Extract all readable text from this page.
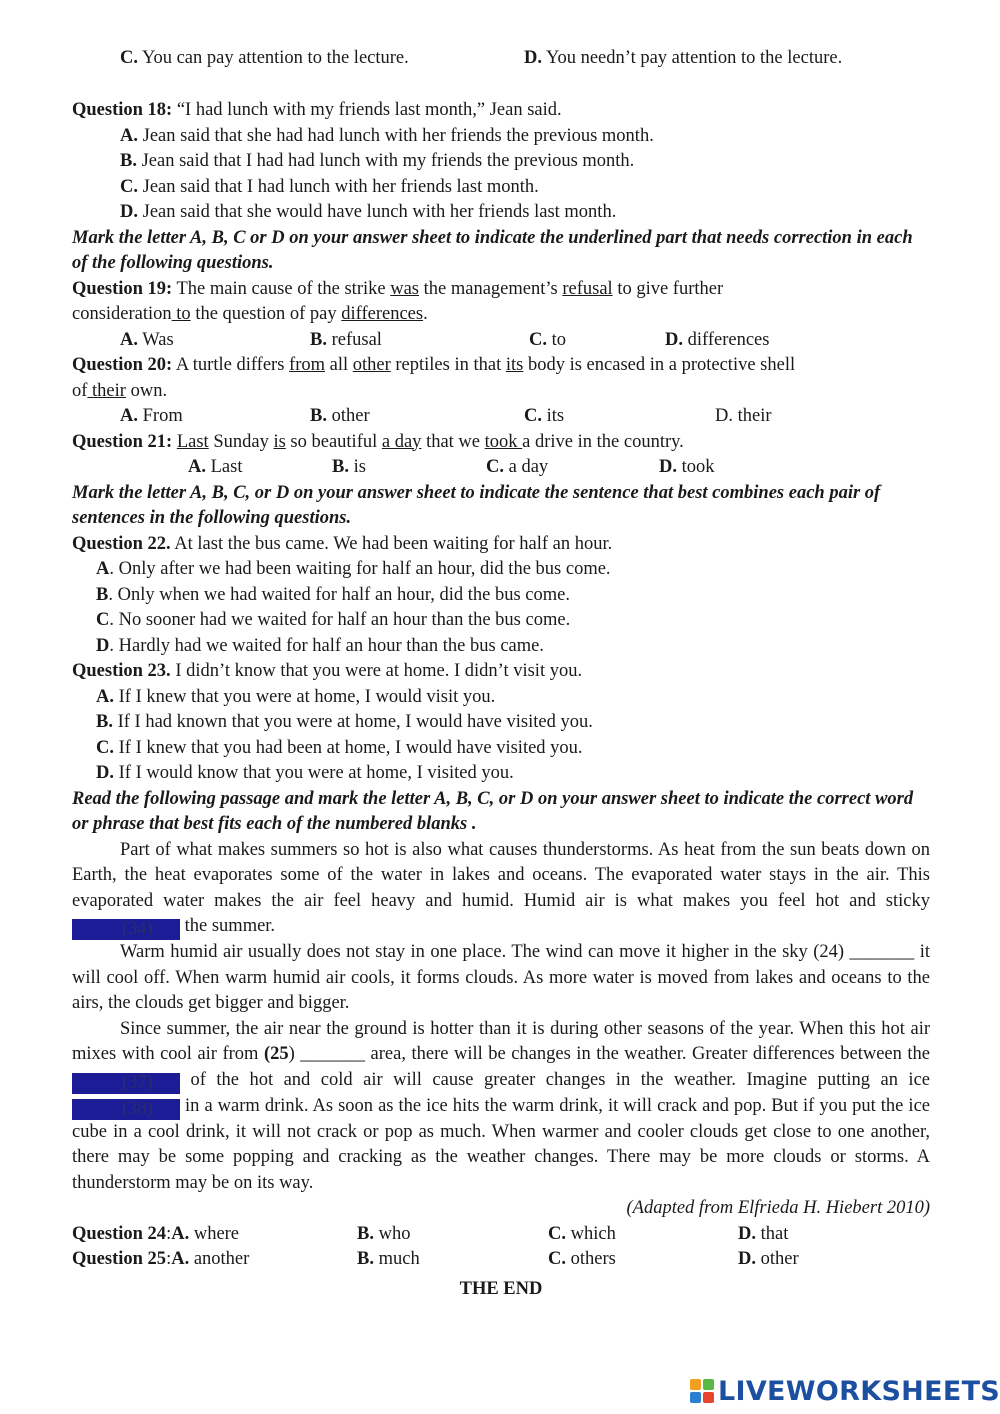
C. You can pay attention to the lecture.	D. You needn’t pay attention to the lecture.
Question 18: “I had lunch with my friends last month,” Jean said.
A. Jean said that she had had lunch with her friends the previous month.
B. Jean said that I had had lunch with my friends the previous month.
C. Jean said that I had lunch with her friends last month.
D. Jean said that she would have lunch with her friends last month.
Mark the letter A, B, C or D on your answer sheet to indicate the underlined part that needs correction in each of the following questions.
Question 19: The main cause of the strike was the management’s refusal to give further
consideration to the question of pay differences.
A. Was	B. refusal	C. to	D. differences
Question 20: A turtle differs from all other reptiles in that its body is encased in a protective shell
of their own.
A. From	B. other	C. its	D. their
Question 21: Last Sunday is so beautiful a day that we took a drive in the country.
A. Last	B. is	C. a day	D. took
Mark the letter A, B, C, or D on your answer sheet to indicate the sentence that best combines each pair of sentences in the following questions.
Question 22. At last the bus came. We had been waiting for half an hour.
A. Only after we had been waiting for half an hour, did the bus come.
B. Only when we had waited for half an hour, did the bus come.
C. No sooner had we waited for half an hour than the bus come.
D. Hardly had we waited for half an hour than the bus came.
Question 23. I didn’t know that you were at home. I didn’t visit you.
A. If I knew that you were at home, I would visit you.
B. If I had known that you were at home, I would have visited you.
C. If I knew that you had been at home, I would have visited you.
D. If I would know that you were at home, I visited you.
Read the following passage and mark the letter A, B, C, or D on your answer sheet to indicate the correct word or phrase that best fits each of the numbered blanks .

Part of what makes summers so hot is also what causes thunderstorms. As heat from the sun beats down on Earth, the heat evaporates some of the water in lakes and oceans. The evaporated water stays in the air. This evaporated water makes the air feel heavy and humid. Humid air is what makes you feel hot and sticky (34) the summer.

Warm humid air usually does not stay in one place. The wind can move it higher in the sky (24) _______ it will cool off. When warm humid air cools, it forms clouds. As more water is moved from lakes and oceans to the airs, the clouds get bigger and bigger.

Since summer, the air near the ground is hotter than it is during other seasons of the year. When this hot air mixes with cool air from (25) _______ area, there will be changes in the weather. Greater differences between the (37) of the hot and cold air will cause greater changes in the weather. Imagine putting an ice (38) in a warm drink. As soon as the ice hits the warm drink, it will crack and pop. But if you put the ice cube in a cool drink, it will not crack or pop as much. When warmer and cooler clouds get close to one another, there may be some popping and cracking as the weather changes. There may be more clouds or storms. A thunderstorm may be on its way.

(Adapted from Elfrieda H. Hiebert 2010)
Question 24:A. where	B. who	C. which	D. that
Question 25:A. another	B. much	C. others	D. other
THE END
LIVEWORKSHEETS
